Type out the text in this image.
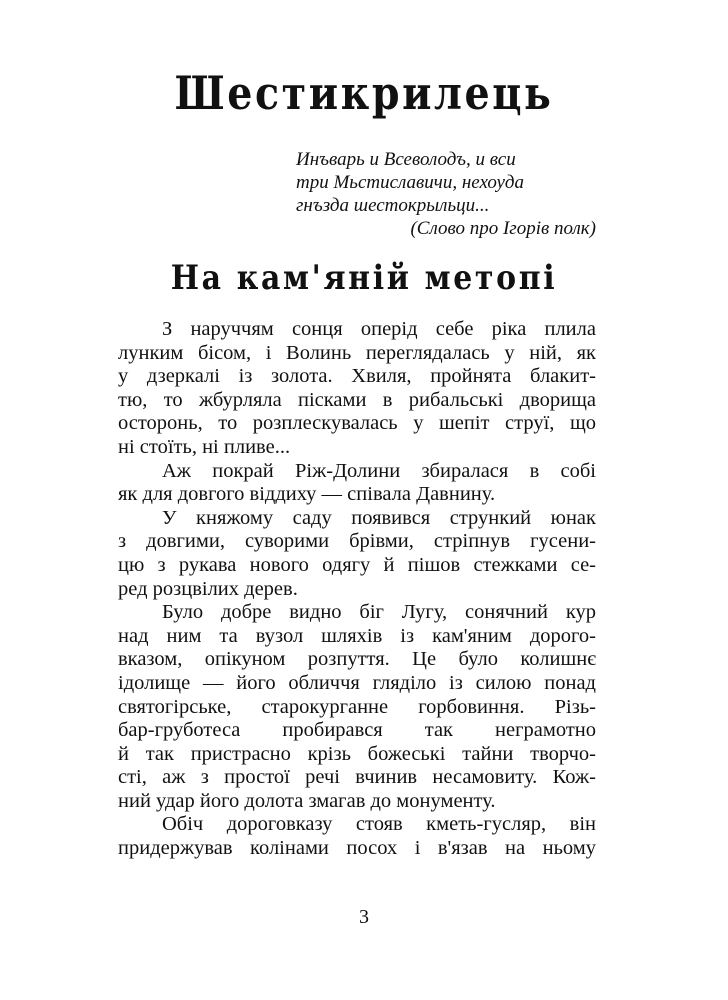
Шестикрилець
Инъварь и Всеволодъ, и вси
три Мьстиславичи, нехоуда
гнъзда шестокрыльци...
(Слово про Ігорів полк)
На кам'яній метопі
З наруччям сонця оперід себе ріка плила
лунким бісом, і Волинь переглядалась у ній, як
у дзеркалі із золота. Хвиля, пройнята блакит-
тю, то жбурляла пісками в рибальські дворища
осторонь, то розплескувалась у шепіт струї, що
ні стоїть, ні пливе...
Аж покрай Ріж-Долини збиралася в собі
як для довгого віддиху — співала Давнину.
У княжому саду появився стрункий юнак
з довгими, суворими брівми, стріпнув гусени-
цю з рукава нового одягу й пішов стежками се-
ред розцвілих дерев.
Було добре видно біг Лугу, сонячний кур
над ним та вузол шляхів із кам'яним дорого-
вказом, опікуном розпуття. Це було колишнє
ідолище — його обличчя гляділо із силою понад
святогірське, старокурганне горбовиння. Різь-
бар-груботеса пробирався так неграмотно
й так пристрасно крізь божеські тайни творчо-
сті, аж з простої речі вчинив несамовиту. Кож-
ний удар його долота змагав до монументу.
Обіч дороговказу стояв кметь-гусляр, він
придержував колінами посох і в'язав на ньому
3
